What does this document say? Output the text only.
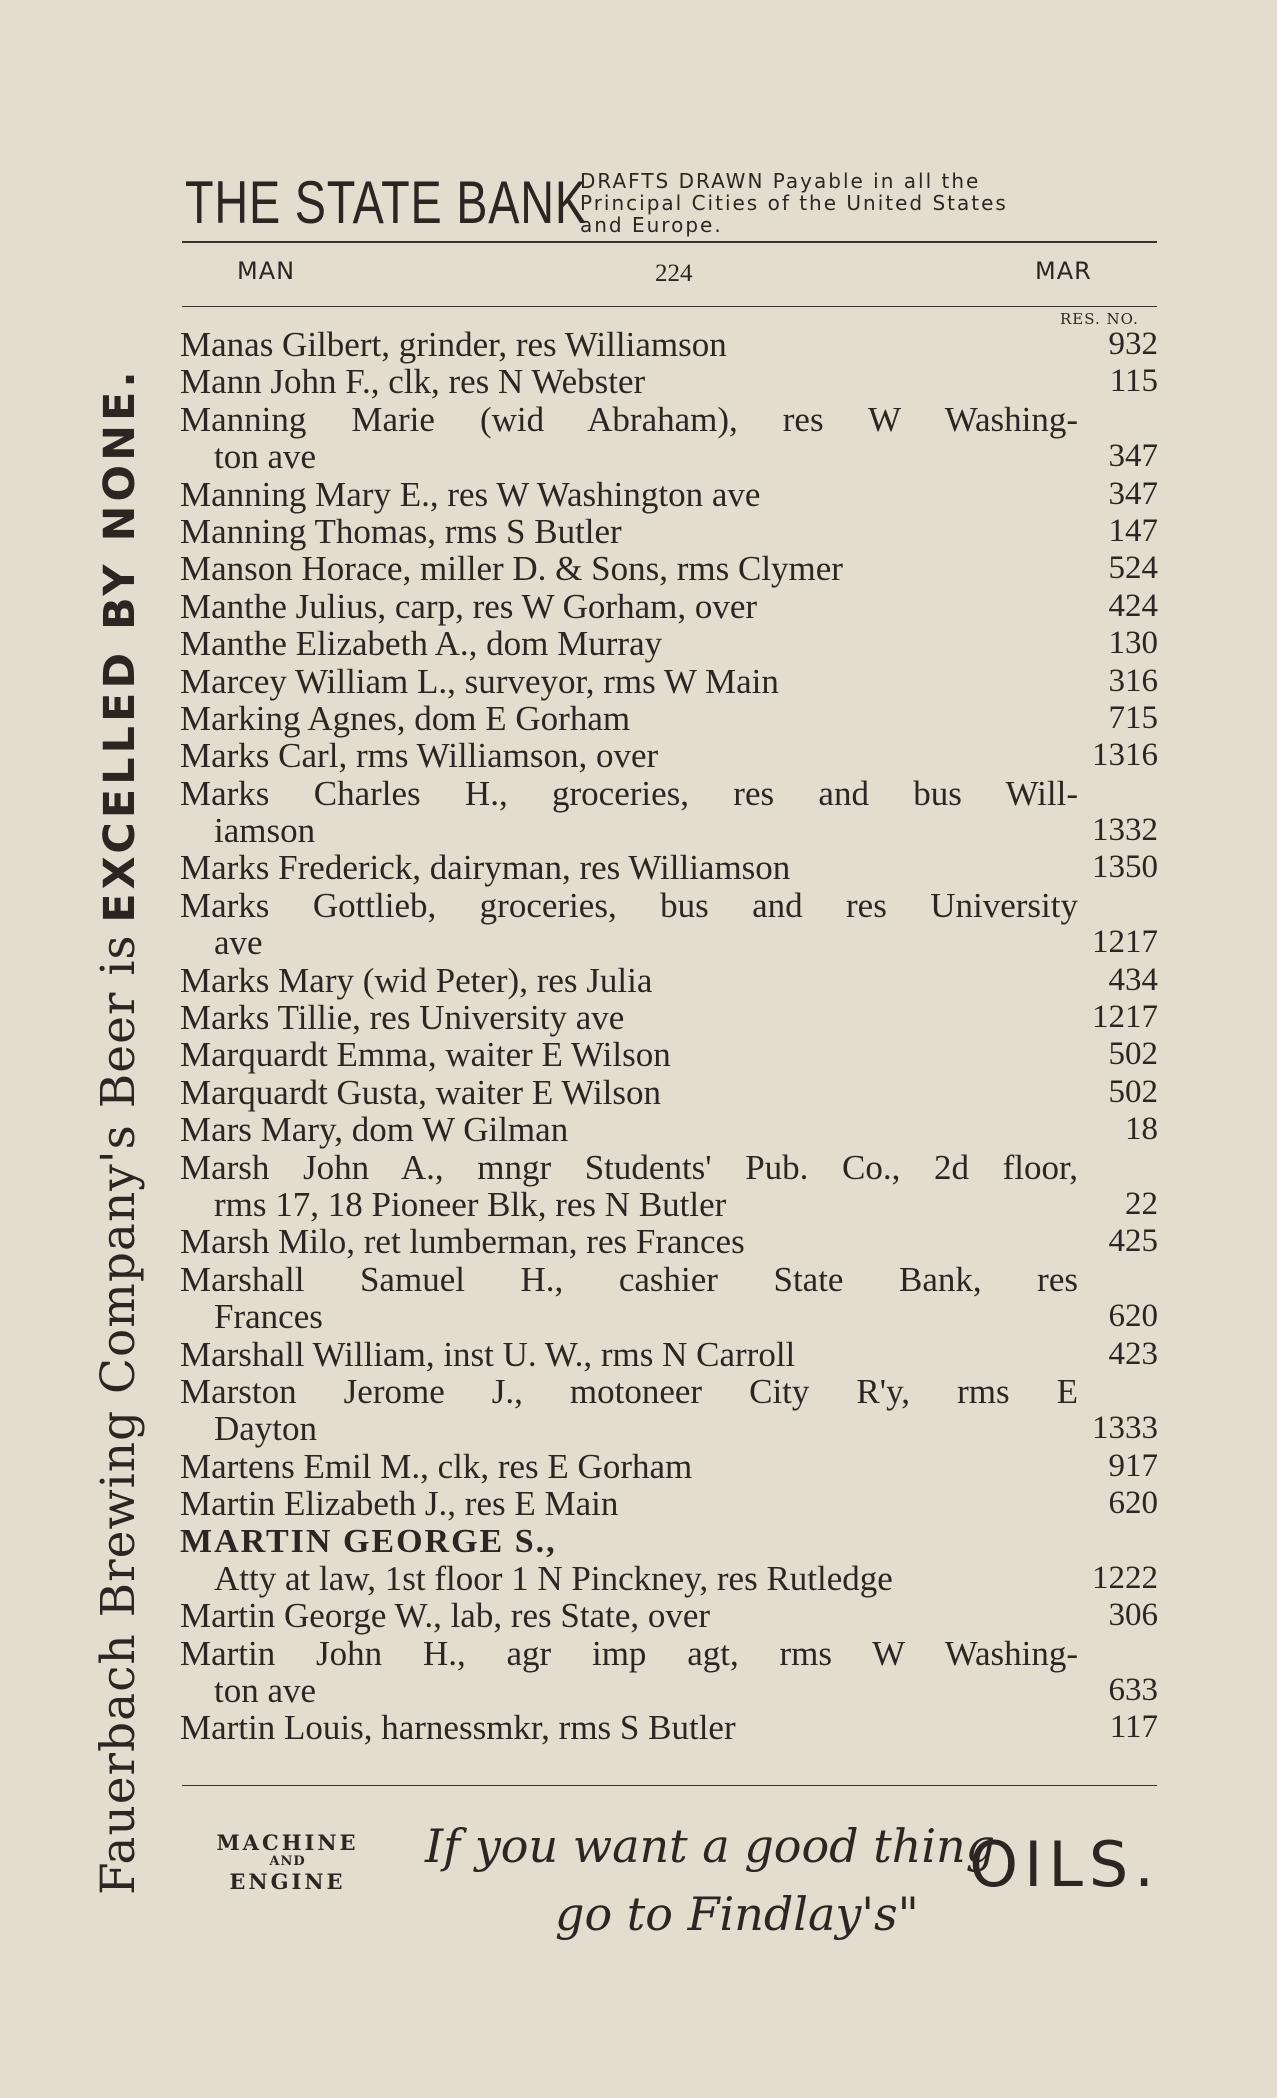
Fauerbach Brewing Company's Beer is EXCELLED BY NONE.
THE STATE BANK
DRAFTS DRAWN Payable in all the
Principal Cities of the United States
and Europe.
MAN	224	MAR
RES. NO.
Manas Gilbert, grinder, res Williamson	932
Mann John F., clk, res N Webster	115
Manning Marie (wid Abraham), res W Washing-
ton ave	347
Manning Mary E., res W Washington ave	347
Manning Thomas, rms S Butler	147
Manson Horace, miller D. & Sons, rms Clymer	524
Manthe Julius, carp, res W Gorham, over	424
Manthe Elizabeth A., dom Murray	130
Marcey William L., surveyor, rms W Main	316
Marking Agnes, dom E Gorham	715
Marks Carl, rms Williamson, over	1316
Marks Charles H., groceries, res and bus Will-
iamson	1332
Marks Frederick, dairyman, res Williamson	1350
Marks Gottlieb, groceries, bus and res University
ave	1217
Marks Mary (wid Peter), res Julia	434
Marks Tillie, res University ave	1217
Marquardt Emma, waiter E Wilson	502
Marquardt Gusta, waiter E Wilson	502
Mars Mary, dom W Gilman	18
Marsh John A., mngr Students' Pub. Co., 2d floor,
rms 17, 18 Pioneer Blk, res N Butler	22
Marsh Milo, ret lumberman, res Frances	425
Marshall Samuel H., cashier State Bank, res
Frances	620
Marshall William, inst U. W., rms N Carroll	423
Marston Jerome J., motoneer City R'y, rms E
Dayton	1333
Martens Emil M., clk, res E Gorham	917
Martin Elizabeth J., res E Main	620
MARTIN GEORGE S.,
Atty at law, 1st floor 1 N Pinckney, res Rutledge	1222
Martin George W., lab, res State, over	306
Martin John H., agr imp agt, rms W Washing-
ton ave	633
Martin Louis, harnessmkr, rms S Butler	117
MACHINE
AND
ENGINE
If you want a good thing
go to Findlay's"
OILS.
